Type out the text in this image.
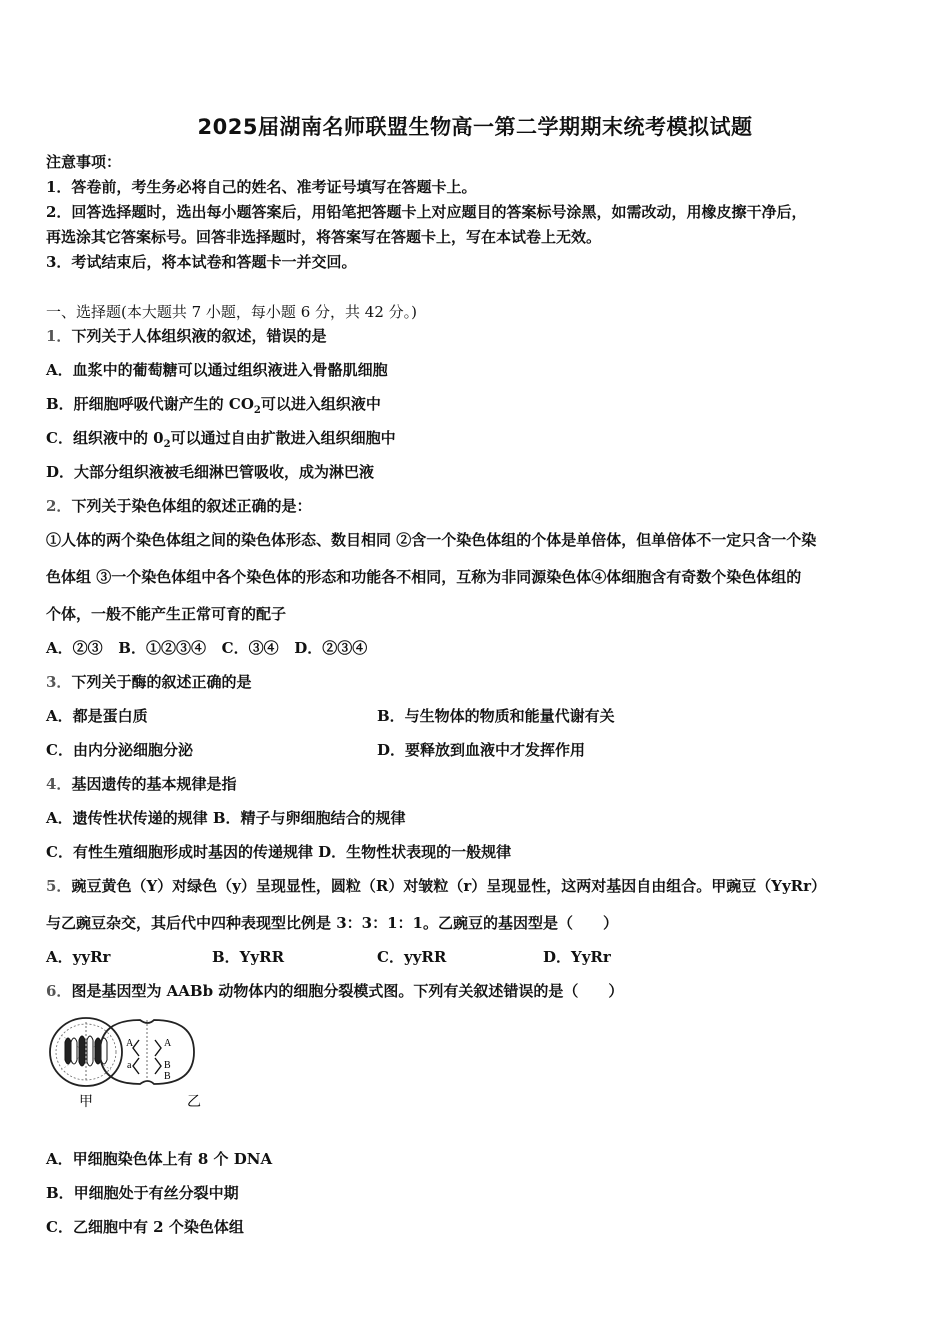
2025届湖南名师联盟生物高一第二学期期末统考模拟试题
注意事项：
1．答卷前，考生务必将自己的姓名、准考证号填写在答题卡上。
2．回答选择题时，选出每小题答案后，用铅笔把答题卡上对应题目的答案标号涂黑，如需改动，用橡皮擦干净后，
再选涂其它答案标号。回答非选择题时，将答案写在答题卡上，写在本试卷上无效。
3．考试结束后，将本试卷和答题卡一并交回。
一、选择题(本大题共 7 小题，每小题 6 分，共 42 分。)
1．下列关于人体组织液的叙述，错误的是
A．血浆中的葡萄糖可以通过组织液进入骨骼肌细胞
B．肝细胞呼吸代谢产生的 $CO_2$可以进入组织液中
C．组织液中的 $0_2$可以通过自由扩散进入组织细胞中
D．大部分组织液被毛细淋巴管吸收，成为淋巴液
2．下列关于染色体组的叙述正确的是：
①人体的两个染色体组之间的染色体形态、数目相同 ②含一个染色体组的个体是单倍体，但单倍体不一定只含一个染
色体组 ③一个染色体组中各个染色体的形态和功能各不相同，互称为非同源染色体④体细胞含有奇数个染色体组的
个体，一般不能产生正常可育的配子
A．②③   B．①②③④   C．③④   D．②③④
3．下列关于酶的叙述正确的是
A．都是蛋白质	B．与生物体的物质和能量代谢有关
C．由内分泌细胞分泌	D．要释放到血液中才发挥作用
4．基因遗传的基本规律是指
A．遗传性状传递的规律 B．精子与卵细胞结合的规律
C．有性生殖细胞形成时基因的传递规律 D．生物性状表现的一般规律
5．豌豆黄色（Y）对绿色（y）呈现显性，圆粒（R）对皱粒（r）呈现显性，这两对基因自由组合。甲豌豆（YyRr）
与乙豌豆杂交，其后代中四种表现型比例是 3：3：1：1。乙豌豆的基因型是（　　）
A．yyRr	B．YyRR	C．yyRR	D．YyRr
6．图是基因型为 AABb 动物体内的细胞分裂模式图。下列有关叙述错误的是（　　）
A	A
a	B
B
甲	乙
A．甲细胞染色体上有 8 个 DNA
B．甲细胞处于有丝分裂中期
C．乙细胞中有 2 个染色体组
